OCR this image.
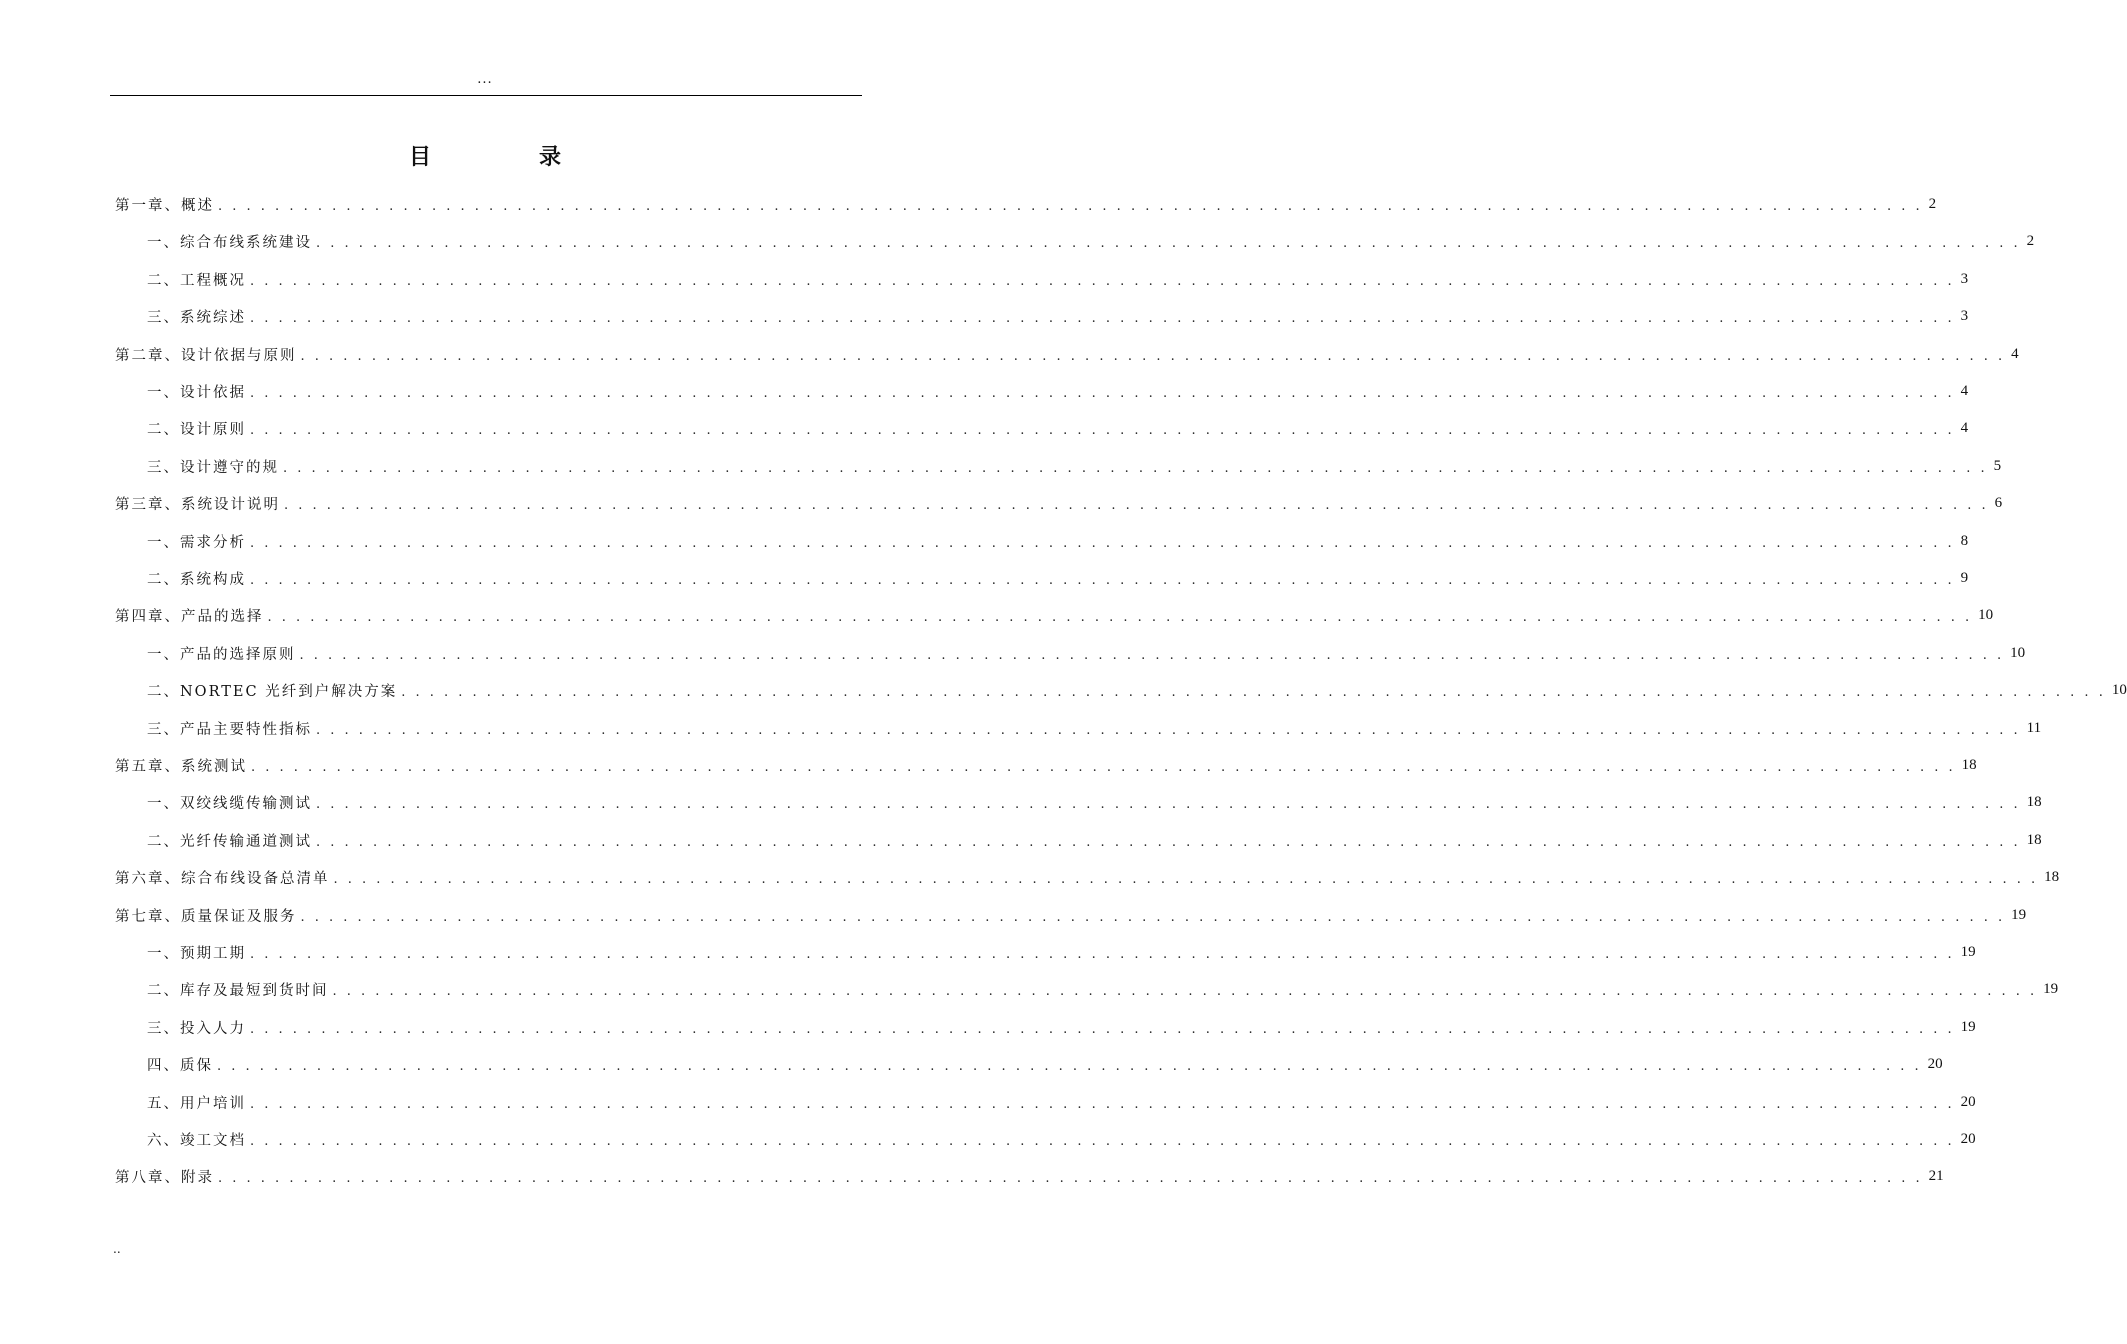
...
目录
第一章、概述 . . . . . . . . . . . . . . . . . . . . . . . . . . . . . . . . . . . . . . . . . . . . . . . . . . . . . . . . . . . . . . . . . . . . . . . . . . . . . . . . . . . . . . . . . . . . . . . . . . . . . . . . . . . . . . . . . . . . . . . . 2
一、综合布线系统建设 . . . . . . . . . . . . . . . . . . . . . . . . . . . . . . . . . . . . . . . . . . . . . . . . . . . . . . . . . . . . . . . . . . . . . . . . . . . . . . . . . . . . . . . . . . . . . . . . . . . . . . . . . . . . . . . . . . . . . . . . 2
二、工程概况 . . . . . . . . . . . . . . . . . . . . . . . . . . . . . . . . . . . . . . . . . . . . . . . . . . . . . . . . . . . . . . . . . . . . . . . . . . . . . . . . . . . . . . . . . . . . . . . . . . . . . . . . . . . . . . . . . . . . . . . . 3
三、系统综述 . . . . . . . . . . . . . . . . . . . . . . . . . . . . . . . . . . . . . . . . . . . . . . . . . . . . . . . . . . . . . . . . . . . . . . . . . . . . . . . . . . . . . . . . . . . . . . . . . . . . . . . . . . . . . . . . . . . . . . . . 3
第二章、设计依据与原则 . . . . . . . . . . . . . . . . . . . . . . . . . . . . . . . . . . . . . . . . . . . . . . . . . . . . . . . . . . . . . . . . . . . . . . . . . . . . . . . . . . . . . . . . . . . . . . . . . . . . . . . . . . . . . . . . . . . . . . . . 4
一、设计依据 . . . . . . . . . . . . . . . . . . . . . . . . . . . . . . . . . . . . . . . . . . . . . . . . . . . . . . . . . . . . . . . . . . . . . . . . . . . . . . . . . . . . . . . . . . . . . . . . . . . . . . . . . . . . . . . . . . . . . . . . 4
二、设计原则 . . . . . . . . . . . . . . . . . . . . . . . . . . . . . . . . . . . . . . . . . . . . . . . . . . . . . . . . . . . . . . . . . . . . . . . . . . . . . . . . . . . . . . . . . . . . . . . . . . . . . . . . . . . . . . . . . . . . . . . . 4
三、设计遵守的规 . . . . . . . . . . . . . . . . . . . . . . . . . . . . . . . . . . . . . . . . . . . . . . . . . . . . . . . . . . . . . . . . . . . . . . . . . . . . . . . . . . . . . . . . . . . . . . . . . . . . . . . . . . . . . . . . . . . . . . . . 5
第三章、系统设计说明 . . . . . . . . . . . . . . . . . . . . . . . . . . . . . . . . . . . . . . . . . . . . . . . . . . . . . . . . . . . . . . . . . . . . . . . . . . . . . . . . . . . . . . . . . . . . . . . . . . . . . . . . . . . . . . . . . . . . . . . . 6
一、需求分析 . . . . . . . . . . . . . . . . . . . . . . . . . . . . . . . . . . . . . . . . . . . . . . . . . . . . . . . . . . . . . . . . . . . . . . . . . . . . . . . . . . . . . . . . . . . . . . . . . . . . . . . . . . . . . . . . . . . . . . . . 8
二、系统构成 . . . . . . . . . . . . . . . . . . . . . . . . . . . . . . . . . . . . . . . . . . . . . . . . . . . . . . . . . . . . . . . . . . . . . . . . . . . . . . . . . . . . . . . . . . . . . . . . . . . . . . . . . . . . . . . . . . . . . . . . 9
第四章、产品的选择 . . . . . . . . . . . . . . . . . . . . . . . . . . . . . . . . . . . . . . . . . . . . . . . . . . . . . . . . . . . . . . . . . . . . . . . . . . . . . . . . . . . . . . . . . . . . . . . . . . . . . . . . . . . . . . . . . . . . . . . . 10
一、产品的选择原则 . . . . . . . . . . . . . . . . . . . . . . . . . . . . . . . . . . . . . . . . . . . . . . . . . . . . . . . . . . . . . . . . . . . . . . . . . . . . . . . . . . . . . . . . . . . . . . . . . . . . . . . . . . . . . . . . . . . . . . . . 10
二、NORTEC 光纤到户解决方案 . . . . . . . . . . . . . . . . . . . . . . . . . . . . . . . . . . . . . . . . . . . . . . . . . . . . . . . . . . . . . . . . . . . . . . . . . . . . . . . . . . . . . . . . . . . . . . . . . . . . . . . . . . . . . . . . . . . . . . . . 10
三、产品主要特性指标 . . . . . . . . . . . . . . . . . . . . . . . . . . . . . . . . . . . . . . . . . . . . . . . . . . . . . . . . . . . . . . . . . . . . . . . . . . . . . . . . . . . . . . . . . . . . . . . . . . . . . . . . . . . . . . . . . . . . . . . . 11
第五章、系统测试 . . . . . . . . . . . . . . . . . . . . . . . . . . . . . . . . . . . . . . . . . . . . . . . . . . . . . . . . . . . . . . . . . . . . . . . . . . . . . . . . . . . . . . . . . . . . . . . . . . . . . . . . . . . . . . . . . . . . . . . . 18
一、双绞线缆传输测试 . . . . . . . . . . . . . . . . . . . . . . . . . . . . . . . . . . . . . . . . . . . . . . . . . . . . . . . . . . . . . . . . . . . . . . . . . . . . . . . . . . . . . . . . . . . . . . . . . . . . . . . . . . . . . . . . . . . . . . . . 18
二、光纤传输通道测试 . . . . . . . . . . . . . . . . . . . . . . . . . . . . . . . . . . . . . . . . . . . . . . . . . . . . . . . . . . . . . . . . . . . . . . . . . . . . . . . . . . . . . . . . . . . . . . . . . . . . . . . . . . . . . . . . . . . . . . . . 18
第六章、综合布线设备总清单 . . . . . . . . . . . . . . . . . . . . . . . . . . . . . . . . . . . . . . . . . . . . . . . . . . . . . . . . . . . . . . . . . . . . . . . . . . . . . . . . . . . . . . . . . . . . . . . . . . . . . . . . . . . . . . . . . . . . . . . . 18
第七章、质量保证及服务 . . . . . . . . . . . . . . . . . . . . . . . . . . . . . . . . . . . . . . . . . . . . . . . . . . . . . . . . . . . . . . . . . . . . . . . . . . . . . . . . . . . . . . . . . . . . . . . . . . . . . . . . . . . . . . . . . . . . . . . . 19
一、预期工期 . . . . . . . . . . . . . . . . . . . . . . . . . . . . . . . . . . . . . . . . . . . . . . . . . . . . . . . . . . . . . . . . . . . . . . . . . . . . . . . . . . . . . . . . . . . . . . . . . . . . . . . . . . . . . . . . . . . . . . . . 19
二、库存及最短到货时间 . . . . . . . . . . . . . . . . . . . . . . . . . . . . . . . . . . . . . . . . . . . . . . . . . . . . . . . . . . . . . . . . . . . . . . . . . . . . . . . . . . . . . . . . . . . . . . . . . . . . . . . . . . . . . . . . . . . . . . . . 19
三、投入人力 . . . . . . . . . . . . . . . . . . . . . . . . . . . . . . . . . . . . . . . . . . . . . . . . . . . . . . . . . . . . . . . . . . . . . . . . . . . . . . . . . . . . . . . . . . . . . . . . . . . . . . . . . . . . . . . . . . . . . . . . 19
四、质保 . . . . . . . . . . . . . . . . . . . . . . . . . . . . . . . . . . . . . . . . . . . . . . . . . . . . . . . . . . . . . . . . . . . . . . . . . . . . . . . . . . . . . . . . . . . . . . . . . . . . . . . . . . . . . . . . . . . . . . . . 20
五、用户培训 . . . . . . . . . . . . . . . . . . . . . . . . . . . . . . . . . . . . . . . . . . . . . . . . . . . . . . . . . . . . . . . . . . . . . . . . . . . . . . . . . . . . . . . . . . . . . . . . . . . . . . . . . . . . . . . . . . . . . . . . 20
六、竣工文档 . . . . . . . . . . . . . . . . . . . . . . . . . . . . . . . . . . . . . . . . . . . . . . . . . . . . . . . . . . . . . . . . . . . . . . . . . . . . . . . . . . . . . . . . . . . . . . . . . . . . . . . . . . . . . . . . . . . . . . . . 20
第八章、附录 . . . . . . . . . . . . . . . . . . . . . . . . . . . . . . . . . . . . . . . . . . . . . . . . . . . . . . . . . . . . . . . . . . . . . . . . . . . . . . . . . . . . . . . . . . . . . . . . . . . . . . . . . . . . . . . . . . . . . . . . 21
..
